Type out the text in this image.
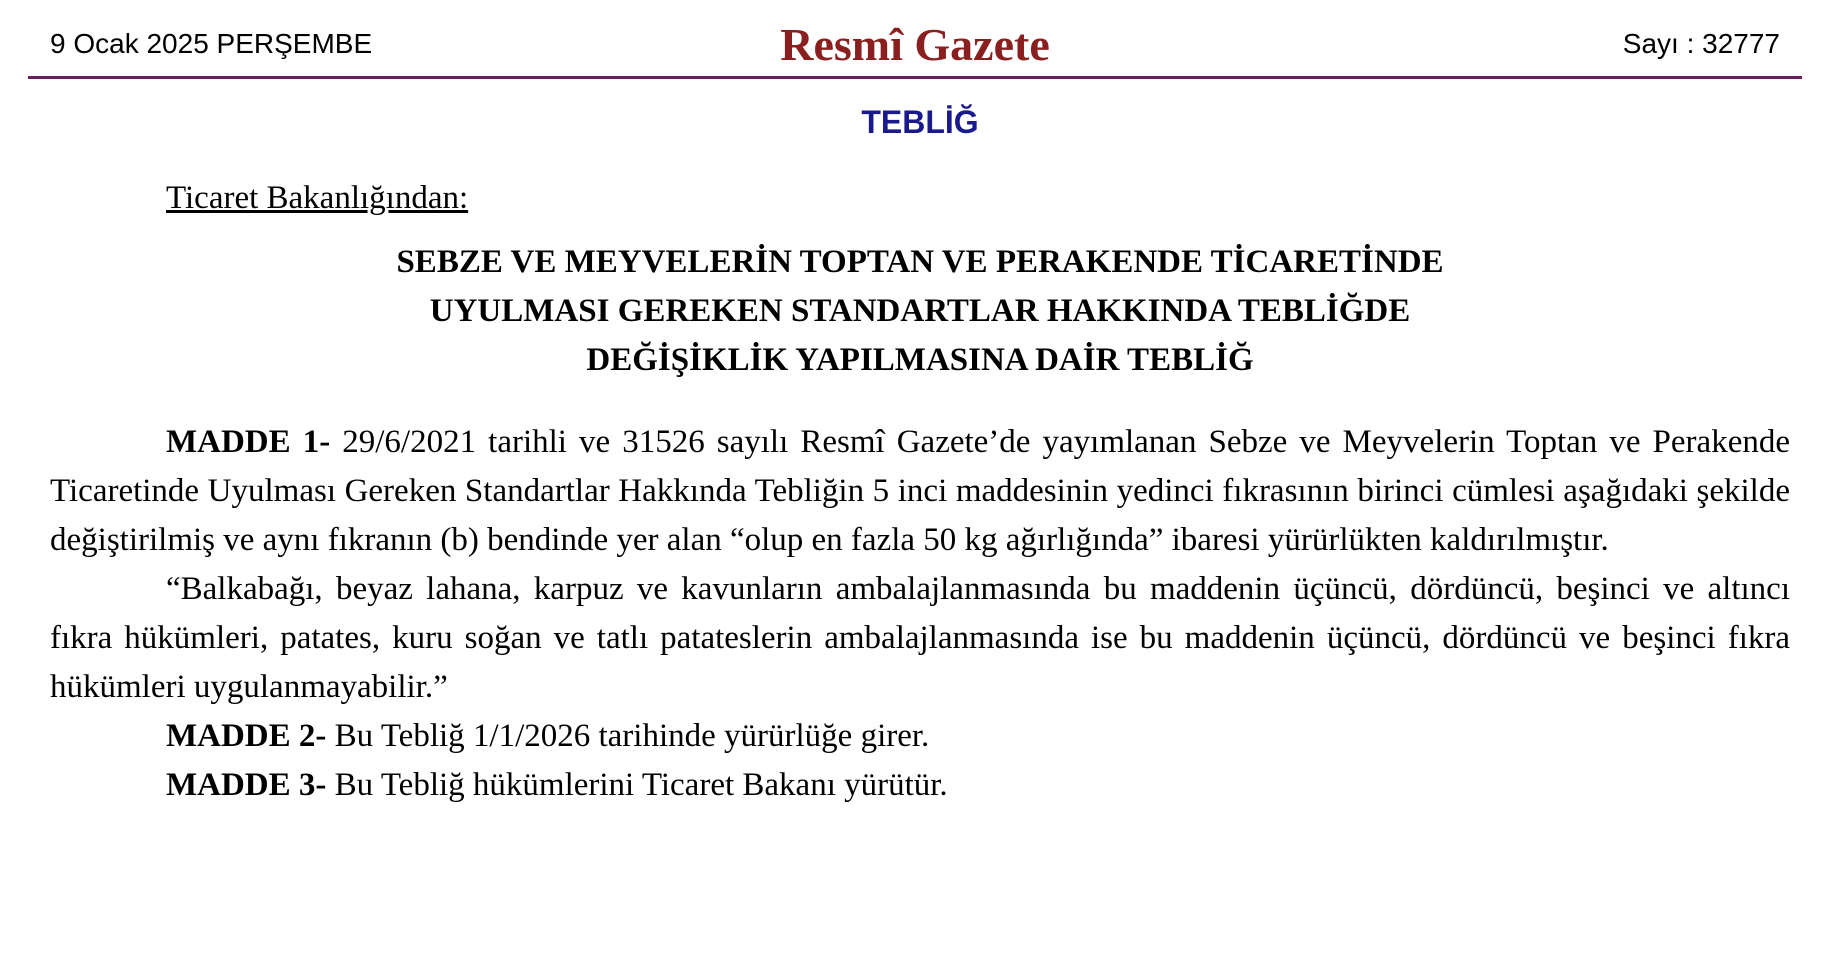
9 Ocak 2025 PERŞEMBE	Resmî Gazete	Sayı : 32777
TEBLİĞ
Ticaret Bakanlığından:
SEBZE VE MEYVELERİN TOPTAN VE PERAKENDE TİCARETİNDE
UYULMASI GEREKEN STANDARTLAR HAKKINDA TEBLİĞDE
DEĞİŞİKLİK YAPILMASINA DAİR TEBLİĞ

MADDE 1- 29/6/2021 tarihli ve 31526 sayılı Resmî Gazete’de yayımlanan Sebze ve Meyvelerin Toptan ve Perakende Ticaretinde Uyulması Gereken Standartlar Hakkında Tebliğin 5 inci maddesinin yedinci fıkrasının birinci cümlesi aşağıdaki şekilde değiştirilmiş ve aynı fıkranın (b) bendinde yer alan “olup en fazla 50 kg ağırlığında” ibaresi yürürlükten kaldırılmıştır.

“Balkabağı, beyaz lahana, karpuz ve kavunların ambalajlanmasında bu maddenin üçüncü, dördüncü, beşinci ve altıncı fıkra hükümleri, patates, kuru soğan ve tatlı patateslerin ambalajlanmasında ise bu maddenin üçüncü, dördüncü ve beşinci fıkra hükümleri uygulanmayabilir.”

MADDE 2- Bu Tebliğ 1/1/2026 tarihinde yürürlüğe girer.

MADDE 3- Bu Tebliğ hükümlerini Ticaret Bakanı yürütür.
